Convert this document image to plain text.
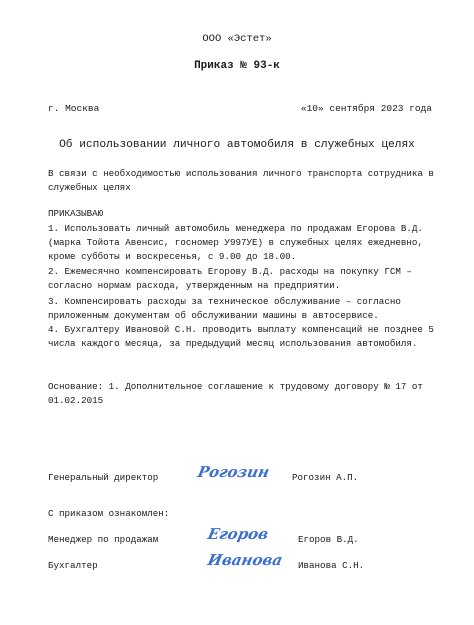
ООО «Эстет»
Приказ № 93-к
г. Москва	«10» сентября 2023 года
Об использовании личного автомобиля в служебных целях
В связи с необходимостью использования личного транспорта сотрудника в служебных целях
ПРИКАЗЫВАЮ
1. Использовать личный автомобиль менеджера по продажам Егорова В.Д. (марка Тойота Авенсис, госномер У997УЕ) в служебных целях ежедневно, кроме субботы и воскресенья, с 9.00 до 18.00.
2. Ежемесячно компенсировать Егорову В.Д. расходы на покупку ГСМ – согласно нормам расхода, утвержденным на предприятии.
3. Компенсировать расходы за техническое обслуживание – согласно приложенным документам об обслуживании машины в автосервисе.
4. Бухгалтеру Ивановой С.Н. проводить выплату компенсаций не позднее 5 числа каждого месяца, за предыдущий месяц использования автомобиля.
Основание: 1. Дополнительное соглашение к трудовому договору № 17 от 01.02.2015
Генеральный директор	Рогозин Рогозин А.П.
С приказом ознакомлен:
Менеджер по продажам	Егоров	Егоров В.Д.
Бухгалтер	Иванова Иванова С.Н.
